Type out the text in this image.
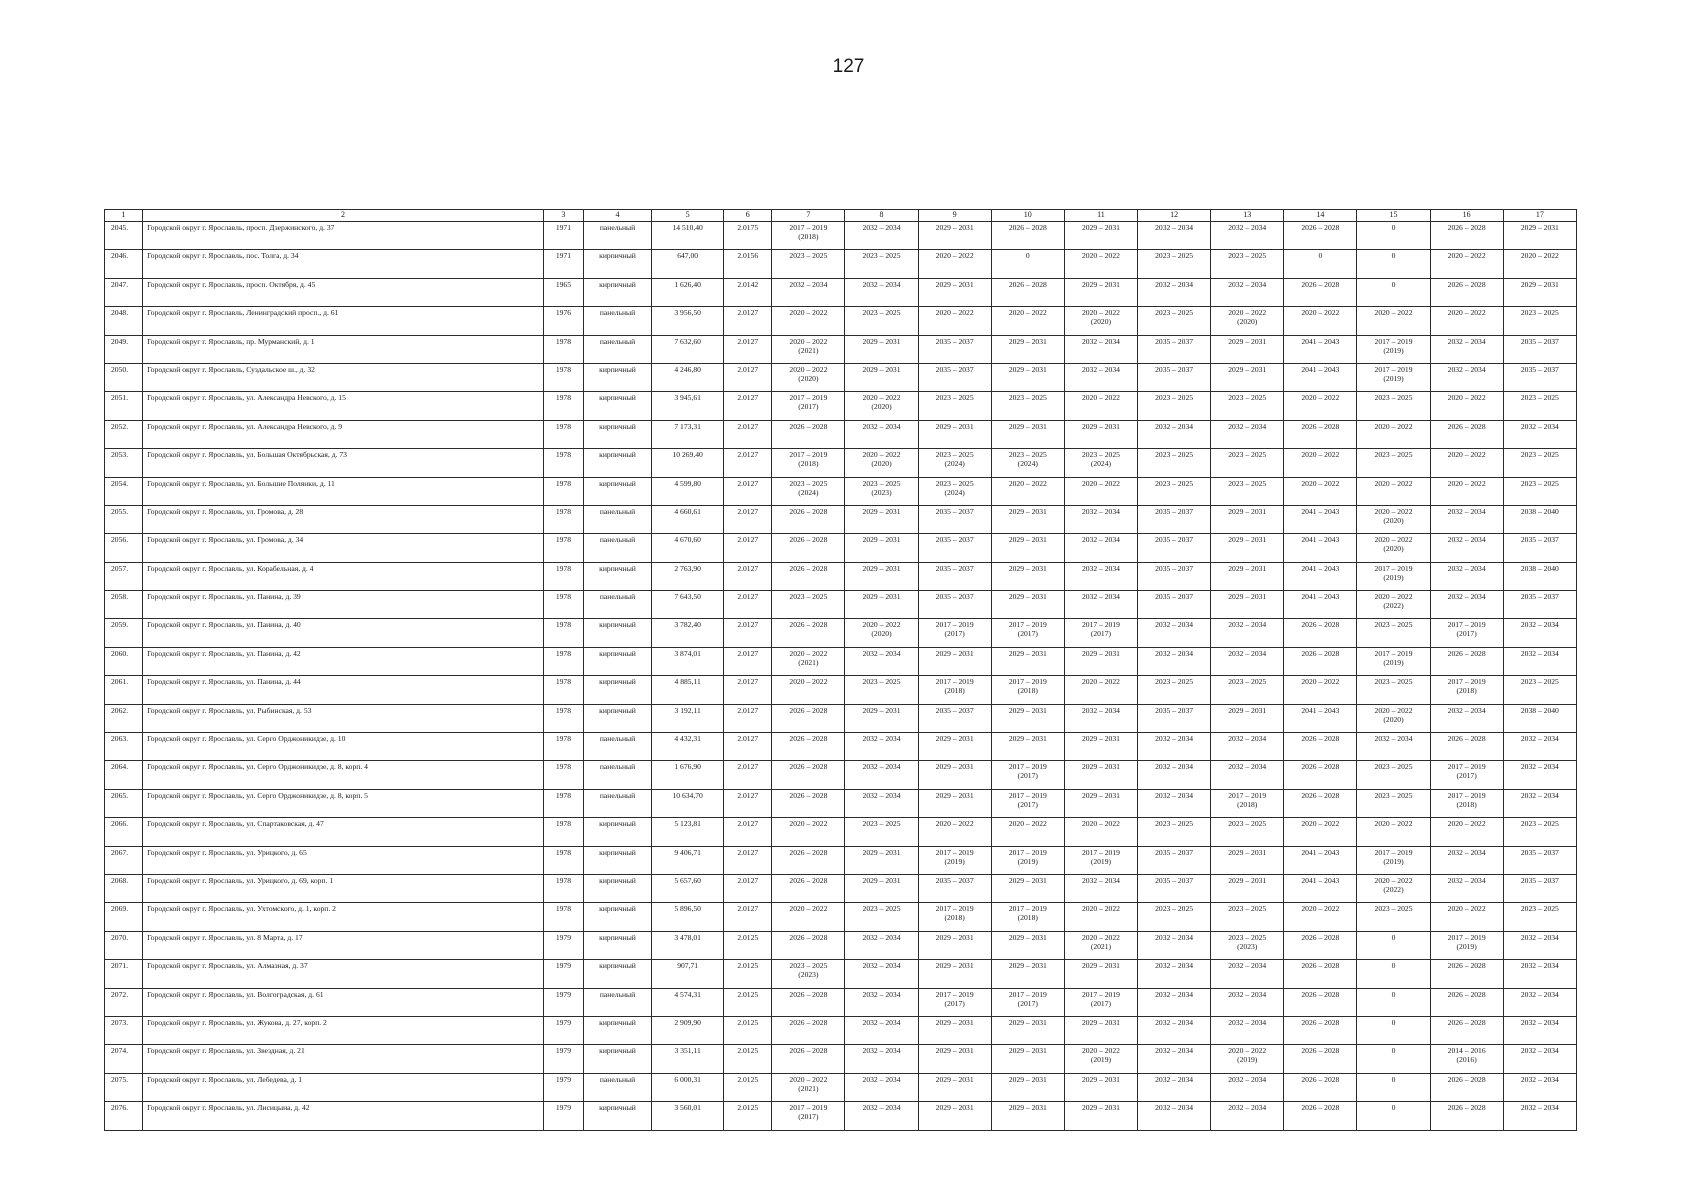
127
1	2	3	4	5	6	7	8	9	10	11	12	13	14	15	16	17

2045.	Городской округ г. Ярославль, просп. Дзержинского, д. 37	1971	панельный	14 510,40	2.0175	2017 – 2019
(2018)	2032 – 2034	2029 – 2031	2026 – 2028	2029 – 2031	2032 – 2034	2032 – 2034	2026 – 2028	0	2026 – 2028	2029 – 2031

2046.	Городской округ г. Ярославль, пос. Толга, д. 34	1971	кирпичный	647,00	2.0156	2023 – 2025	2023 – 2025	2020 – 2022	0	2020 – 2022	2023 – 2025	2023 – 2025	0	0	2020 – 2022	2020 – 2022

2047.	Городской округ г. Ярославль, просп. Октября, д. 45	1965	кирпичный	1 626,40	2.0142	2032 – 2034	2032 – 2034	2029 – 2031	2026 – 2028	2029 – 2031	2032 – 2034	2032 – 2034	2026 – 2028	0	2026 – 2028	2029 – 2031

2048.	Городской округ г. Ярославль, Ленинградский просп., д. 61	1976	панельный	3 956,50	2.0127	2020 – 2022	2023 – 2025	2020 – 2022	2020 – 2022	2020 – 2022
(2020)	2023 – 2025	2020 – 2022
(2020)	2020 – 2022	2020 – 2022	2020 – 2022	2023 – 2025

2049.	Городской округ г. Ярославль, пр. Мурманский, д. 1	1978	панельный	7 632,60	2.0127	2020 – 2022
(2021)	2029 – 2031	2035 – 2037	2029 – 2031	2032 – 2034	2035 – 2037	2029 – 2031	2041 – 2043	2017 – 2019
(2019)	2032 – 2034	2035 – 2037

2050.	Городской округ г. Ярославль, Суздальское ш., д. 32	1978	кирпичный	4 246,80	2.0127	2020 – 2022
(2020)	2029 – 2031	2035 – 2037	2029 – 2031	2032 – 2034	2035 – 2037	2029 – 2031	2041 – 2043	2017 – 2019
(2019)	2032 – 2034	2035 – 2037

2051.	Городской округ г. Ярославль, ул. Александра Невского, д. 15	1978	кирпичный	3 945,61	2.0127	2017 – 2019
(2017)	2020 – 2022
(2020)	2023 – 2025	2023 – 2025	2020 – 2022	2023 – 2025	2023 – 2025	2020 – 2022	2023 – 2025	2020 – 2022	2023 – 2025

2052.	Городской округ г. Ярославль, ул. Александра Невского, д. 9	1978	кирпичный	7 173,31	2.0127	2026 – 2028	2032 – 2034	2029 – 2031	2029 – 2031	2029 – 2031	2032 – 2034	2032 – 2034	2026 – 2028	2020 – 2022	2026 – 2028	2032 – 2034

2053.	Городской округ г. Ярославль, ул. Большая Октябрьская, д. 73	1978	кирпичный	10 269,40	2.0127	2017 – 2019
(2018)	2020 – 2022
(2020)	2023 – 2025
(2024)	2023 – 2025
(2024)	2023 – 2025
(2024)	2023 – 2025	2023 – 2025	2020 – 2022	2023 – 2025	2020 – 2022	2023 – 2025

2054.	Городской округ г. Ярославль, ул. Большие Полянки, д. 11	1978	кирпичный	4 599,80	2.0127	2023 – 2025
(2024)	2023 – 2025
(2023)	2023 – 2025
(2024)	2020 – 2022	2020 – 2022	2023 – 2025	2023 – 2025	2020 – 2022	2020 – 2022	2020 – 2022	2023 – 2025

2055.	Городской округ г. Ярославль, ул. Громова, д. 28	1978	панельный	4 660,61	2.0127	2026 – 2028	2029 – 2031	2035 – 2037	2029 – 2031	2032 – 2034	2035 – 2037	2029 – 2031	2041 – 2043	2020 – 2022
(2020)	2032 – 2034	2038 – 2040

2056.	Городской округ г. Ярославль, ул. Громова, д. 34	1978	панельный	4 670,60	2.0127	2026 – 2028	2029 – 2031	2035 – 2037	2029 – 2031	2032 – 2034	2035 – 2037	2029 – 2031	2041 – 2043	2020 – 2022
(2020)	2032 – 2034	2035 – 2037

2057.	Городской округ г. Ярославль, ул. Корабельная, д. 4	1978	кирпичный	2 763,90	2.0127	2026 – 2028	2029 – 2031	2035 – 2037	2029 – 2031	2032 – 2034	2035 – 2037	2029 – 2031	2041 – 2043	2017 – 2019
(2019)	2032 – 2034	2038 – 2040

2058.	Городской округ г. Ярославль, ул. Панина, д. 39	1978	панельный	7 643,50	2.0127	2023 – 2025	2029 – 2031	2035 – 2037	2029 – 2031	2032 – 2034	2035 – 2037	2029 – 2031	2041 – 2043	2020 – 2022
(2022)	2032 – 2034	2035 – 2037

2059.	Городской округ г. Ярославль, ул. Панина, д. 40	1978	кирпичный	3 782,40	2.0127	2026 – 2028	2020 – 2022
(2020)	2017 – 2019
(2017)	2017 – 2019
(2017)	2017 – 2019
(2017)	2032 – 2034	2032 – 2034	2026 – 2028	2023 – 2025	2017 – 2019
(2017)	2032 – 2034

2060.	Городской округ г. Ярославль, ул. Панина, д. 42	1978	кирпичный	3 874,01	2.0127	2020 – 2022
(2021)	2032 – 2034	2029 – 2031	2029 – 2031	2029 – 2031	2032 – 2034	2032 – 2034	2026 – 2028	2017 – 2019
(2019)	2026 – 2028	2032 – 2034

2061.	Городской округ г. Ярославль, ул. Панина, д. 44	1978	кирпичный	4 885,11	2.0127	2020 – 2022	2023 – 2025	2017 – 2019
(2018)	2017 – 2019
(2018)	2020 – 2022	2023 – 2025	2023 – 2025	2020 – 2022	2023 – 2025	2017 – 2019
(2018)	2023 – 2025

2062.	Городской округ г. Ярославль, ул. Рыбинская, д. 53	1978	кирпичный	3 192,11	2.0127	2026 – 2028	2029 – 2031	2035 – 2037	2029 – 2031	2032 – 2034	2035 – 2037	2029 – 2031	2041 – 2043	2020 – 2022
(2020)	2032 – 2034	2038 – 2040

2063.	Городской округ г. Ярославль, ул. Серго Орджоникидзе, д. 10	1978	панельный	4 432,31	2.0127	2026 – 2028	2032 – 2034	2029 – 2031	2029 – 2031	2029 – 2031	2032 – 2034	2032 – 2034	2026 – 2028	2032 – 2034	2026 – 2028	2032 – 2034

2064.	Городской округ г. Ярославль, ул. Серго Орджоникидзе, д. 8, корп. 4	1978	панельный	1 676,90	2.0127	2026 – 2028	2032 – 2034	2029 – 2031	2017 – 2019
(2017)	2029 – 2031	2032 – 2034	2032 – 2034	2026 – 2028	2023 – 2025	2017 – 2019
(2017)	2032 – 2034

2065.	Городской округ г. Ярославль, ул. Серго Орджоникидзе, д. 8, корп. 5	1978	панельный	10 634,70	2.0127	2026 – 2028	2032 – 2034	2029 – 2031	2017 – 2019
(2017)	2029 – 2031	2032 – 2034	2017 – 2019
(2018)	2026 – 2028	2023 – 2025	2017 – 2019
(2018)	2032 – 2034

2066.	Городской округ г. Ярославль, ул. Спартаковская, д. 47	1978	кирпичный	5 123,81	2.0127	2020 – 2022	2023 – 2025	2020 – 2022	2020 – 2022	2020 – 2022	2023 – 2025	2023 – 2025	2020 – 2022	2020 – 2022	2020 – 2022	2023 – 2025

2067.	Городской округ г. Ярославль, ул. Урицкого, д. 65	1978	кирпичный	9 406,71	2.0127	2026 – 2028	2029 – 2031	2017 – 2019
(2019)	2017 – 2019
(2019)	2017 – 2019
(2019)	2035 – 2037	2029 – 2031	2041 – 2043	2017 – 2019
(2019)	2032 – 2034	2035 – 2037

2068.	Городской округ г. Ярославль, ул. Урицкого, д. 69, корп. 1	1978	кирпичный	5 657,60	2.0127	2026 – 2028	2029 – 2031	2035 – 2037	2029 – 2031	2032 – 2034	2035 – 2037	2029 – 2031	2041 – 2043	2020 – 2022
(2022)	2032 – 2034	2035 – 2037

2069.	Городской округ г. Ярославль, ул. Ухтомского, д. 1, корп. 2	1978	кирпичный	5 896,50	2.0127	2020 – 2022	2023 – 2025	2017 – 2019
(2018)	2017 – 2019
(2018)	2020 – 2022	2023 – 2025	2023 – 2025	2020 – 2022	2023 – 2025	2020 – 2022	2023 – 2025

2070.	Городской округ г. Ярославль, ул. 8 Марта, д. 17	1979	кирпичный	3 478,01	2.0125	2026 – 2028	2032 – 2034	2029 – 2031	2029 – 2031	2020 – 2022
(2021)	2032 – 2034	2023 – 2025
(2023)	2026 – 2028	0	2017 – 2019
(2019)	2032 – 2034

2071.	Городской округ г. Ярославль, ул. Алмазная, д. 37	1979	кирпичный	907,71	2.0125	2023 – 2025
(2023)	2032 – 2034	2029 – 2031	2029 – 2031	2029 – 2031	2032 – 2034	2032 – 2034	2026 – 2028	0	2026 – 2028	2032 – 2034

2072.	Городской округ г. Ярославль, ул. Волгоградская, д. 61	1979	панельный	4 574,31	2.0125	2026 – 2028	2032 – 2034	2017 – 2019
(2017)	2017 – 2019
(2017)	2017 – 2019
(2017)	2032 – 2034	2032 – 2034	2026 – 2028	0	2026 – 2028	2032 – 2034

2073.	Городской округ г. Ярославль, ул. Жукова, д. 27, корп. 2	1979	кирпичный	2 909,90	2.0125	2026 – 2028	2032 – 2034	2029 – 2031	2029 – 2031	2029 – 2031	2032 – 2034	2032 – 2034	2026 – 2028	0	2026 – 2028	2032 – 2034

2074.	Городской округ г. Ярославль, ул. Звездная, д. 21	1979	кирпичный	3 351,11	2.0125	2026 – 2028	2032 – 2034	2029 – 2031	2029 – 2031	2020 – 2022
(2019)	2032 – 2034	2020 – 2022
(2019)	2026 – 2028	0	2014 – 2016
(2016)	2032 – 2034

2075.	Городской округ г. Ярославль, ул. Лебедева, д. 1	1979	панельный	6 000,31	2.0125	2020 – 2022
(2021)	2032 – 2034	2029 – 2031	2029 – 2031	2029 – 2031	2032 – 2034	2032 – 2034	2026 – 2028	0	2026 – 2028	2032 – 2034

2076.	Городской округ г. Ярославль, ул. Лисицына, д. 42	1979	кирпичный	3 560,01	2.0125	2017 – 2019
(2017)	2032 – 2034	2029 – 2031	2029 – 2031	2029 – 2031	2032 – 2034	2032 – 2034	2026 – 2028	0	2026 – 2028	2032 – 2034
